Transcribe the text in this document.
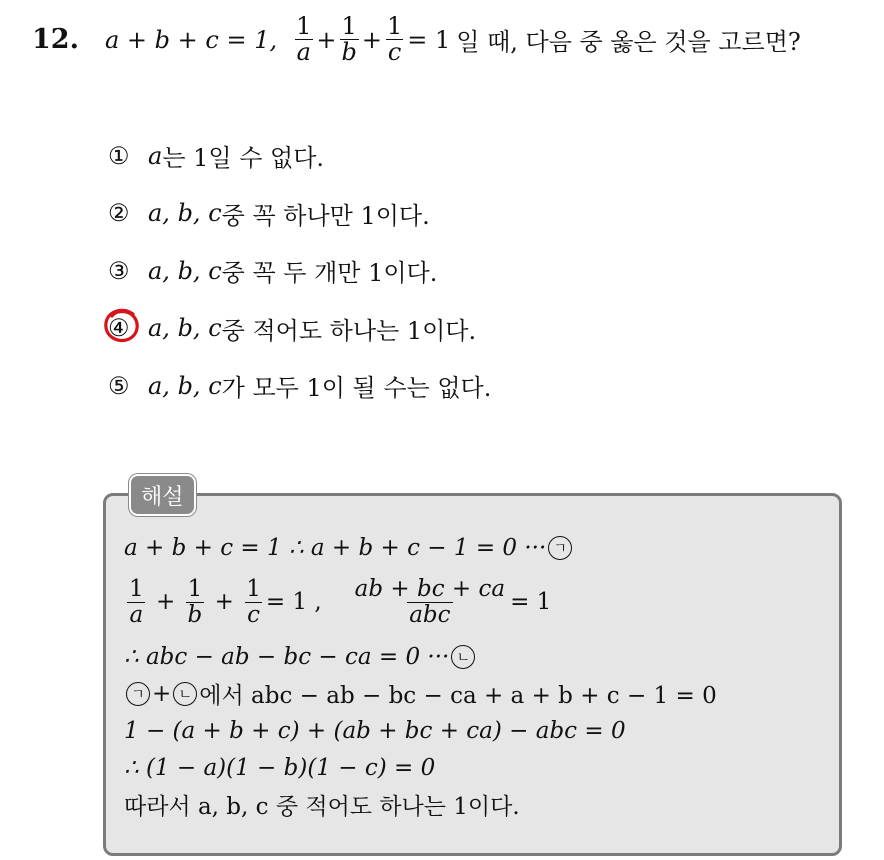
12. a + b + c = 1, $\frac{1}{a} + \frac{1}{b} + \frac{1}{c} = 1$ 일 때, 다음 중 옳은 것을 고르면?
① a 는 1일 수 없다.
② a, b, c 중 꼭 하나만 1이다.
③ a, b, c 중 꼭 두 개만 1이다.
④ a, b, c 중 적어도 하나는 1이다.
⑤ a, b, c 가 모두 1이 될 수는 없다.
해설
a + b + c = 1 ∴ a + b + c − 1 = 0 ··· ㄱ
$\frac{1}{a} + \frac{1}{b} + \frac{1}{c} = 1$ , $\frac{ab + bc + ca}{\text{abc}} = 1$
∴ abc − ab − bc − ca = 0 ··· ㄴ
ㄱ + ㄴ 에서 abc − ab − bc − ca + a + b + c − 1 = 0
1 − (a + b + c) + (ab + bc + ca) − abc = 0
∴ (1 − a)(1 − b)(1 − c) = 0
따라서 a, b, c 중 적어도 하나는 1이다.
